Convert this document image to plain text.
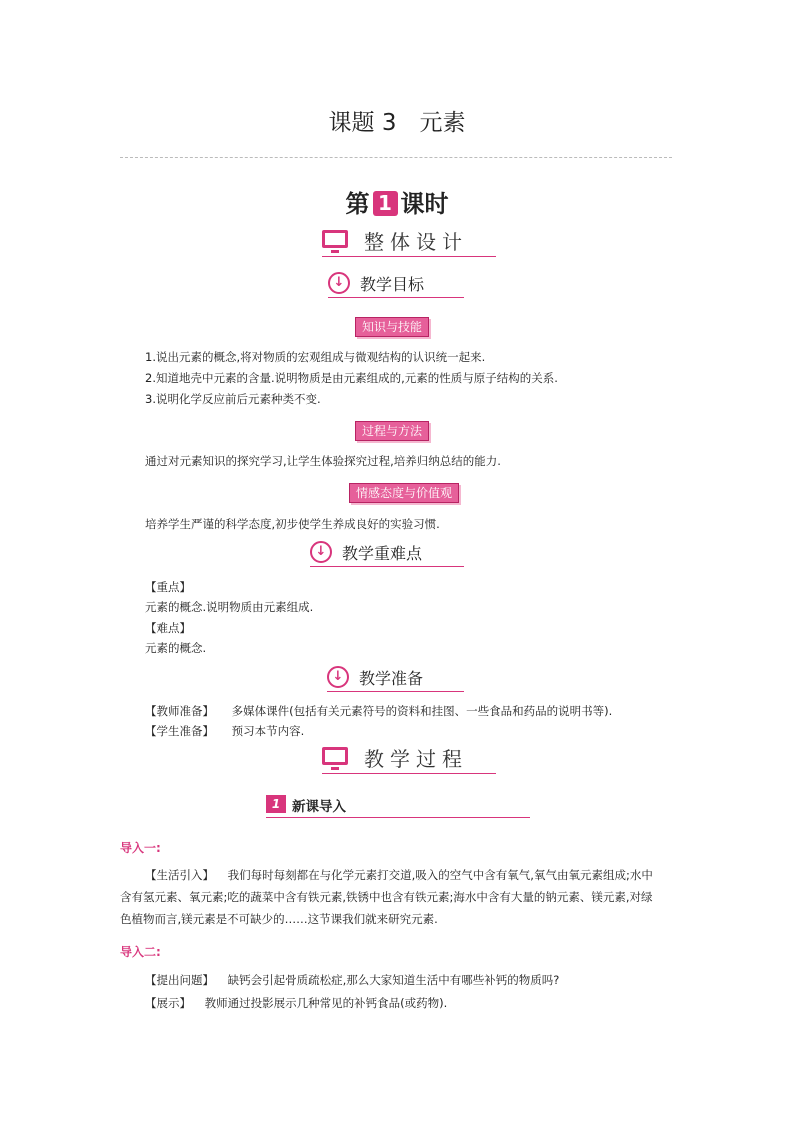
课题 3　元素
第 1 课时
整体设计
↓ 教学目标
知识与技能
1.说出元素的概念,将对物质的宏观组成与微观结构的认识统一起来.
2.知道地壳中元素的含量.说明物质是由元素组成的,元素的性质与原子结构的关系.
3.说明化学反应前后元素种类不变.
过程与方法
通过对元素知识的探究学习,让学生体验探究过程,培养归纳总结的能力.
情感态度与价值观
培养学生严谨的科学态度,初步使学生养成良好的实验习惯.
↓ 教学重难点
【重点】
元素的概念.说明物质由元素组成.
【难点】
元素的概念.
↓ 教学准备
【教师准备】 多媒体课件(包括有关元素符号的资料和挂图、一些食品和药品的说明书等).
【学生准备】 预习本节内容.
教学过程
1 新课导入
导入一:
【生活引入】 我们每时每刻都在与化学元素打交道,吸入的空气中含有氧气,氧气由氧元素组成;水中
含有氢元素、氧元素;吃的蔬菜中含有铁元素,铁锈中也含有铁元素;海水中含有大量的钠元素、镁元素,对绿
色植物而言,镁元素是不可缺少的……这节课我们就来研究元素.
导入二:
【提出问题】 缺钙会引起骨质疏松症,那么大家知道生活中有哪些补钙的物质吗?
【展示】 教师通过投影展示几种常见的补钙食品(或药物).
